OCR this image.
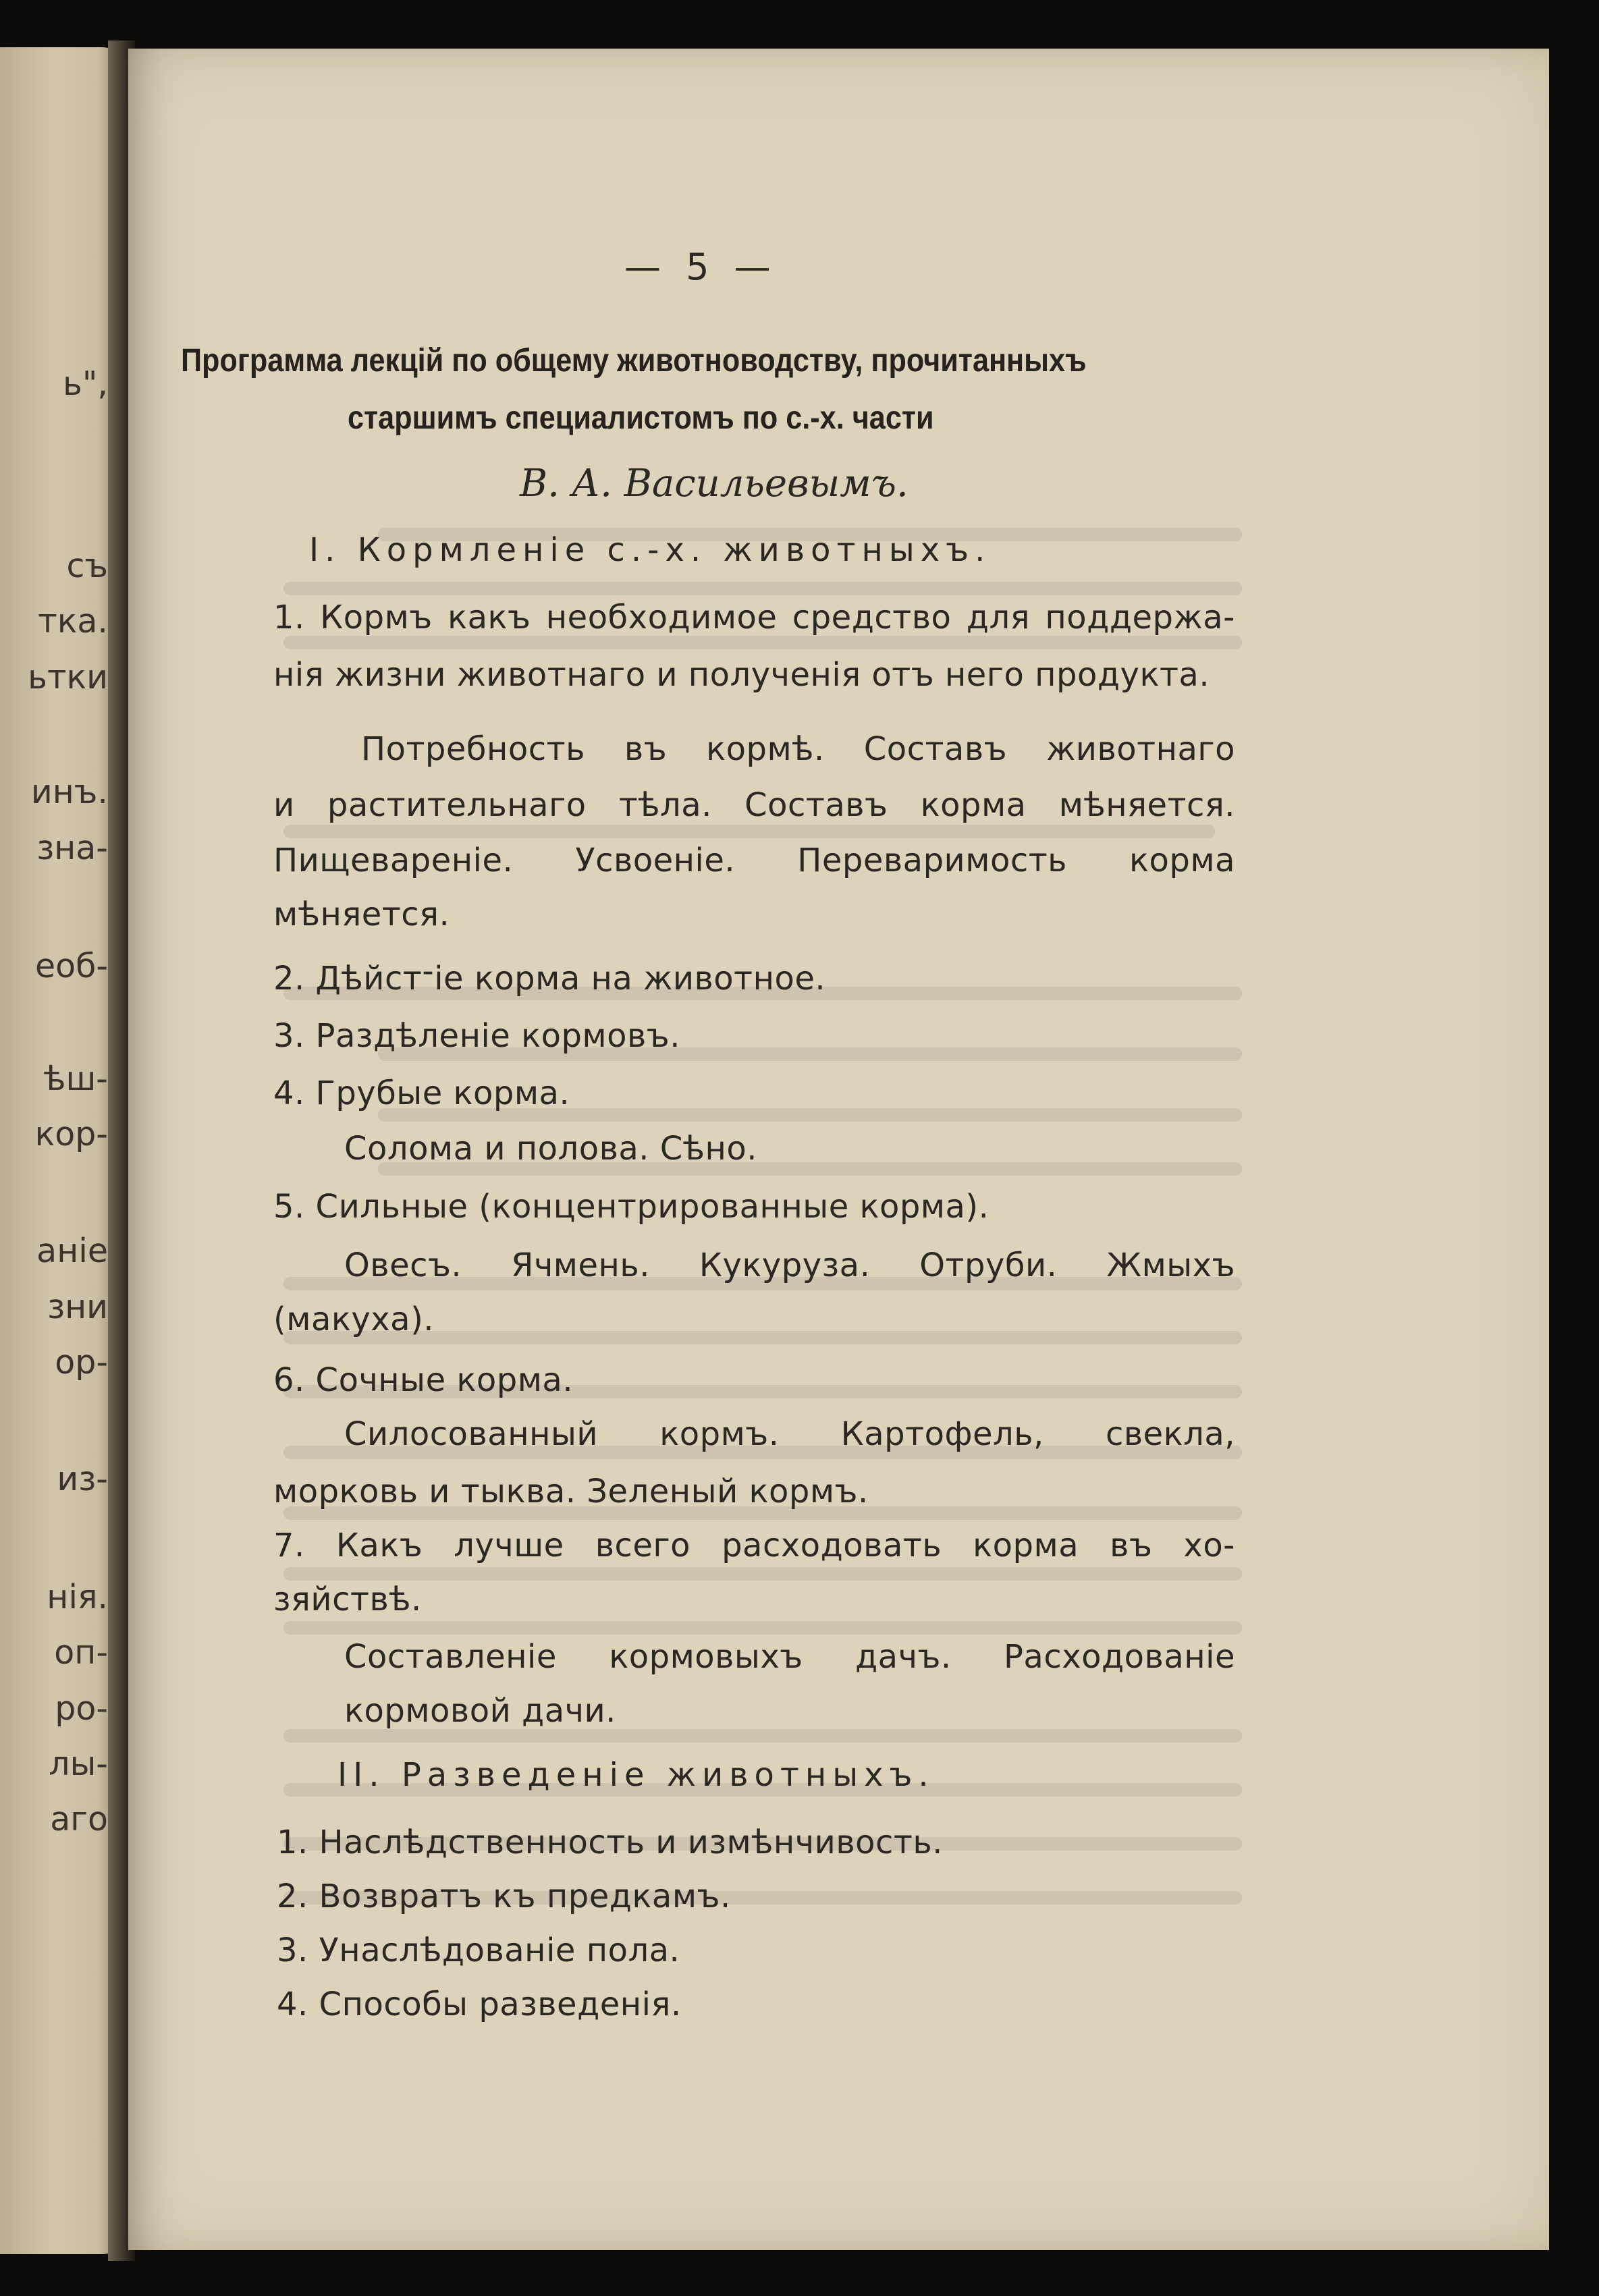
ь",
съ
тка.
ьтки
инъ.
зна-
еоб-
ѣш-
кор-
аніе
зни
ор-
из-
нія.
оп-
ро-
лы-
аго
— 5 —
Программа лекцій по общему животноводству, прочитанныхъ
старшимъ специалистомъ по с.-х. части
В. А. Васильевымъ.
I. Кормленіе с.-х. животныхъ.
1. Кормъ какъ необходимое средство для поддержа-
нія жизни животнаго и полученія отъ него продукта.
Потребность въ кормѣ. Составъ животнаго
и растительнаго тѣла. Составъ корма мѣняется.
Пищевареніе. Усвоеніе. Переваримость корма
мѣняется.
2. Дѣйст־іе корма на животное.
3. Раздѣленіе кормовъ.
4. Грубые корма.
Солома и полова. Сѣно.
5. Сильные (концентрированные корма).
Овесъ. Ячмень. Кукуруза. Отруби. Жмыхъ
(макуха).
6. Сочные корма.
Силосованный кормъ. Картофель, свекла,
морковь и тыква. Зеленый кормъ.
7. Какъ лучше всего расходовать корма въ хо-
зяйствѣ.
Составленіе кормовыхъ дачъ. Расходованіе
кормовой дачи.
II. Разведеніе животныхъ.
1. Наслѣдственность и измѣнчивость.
2. Возвратъ къ предкамъ.
3. Унаслѣдованіе пола.
4. Способы разведенія.
